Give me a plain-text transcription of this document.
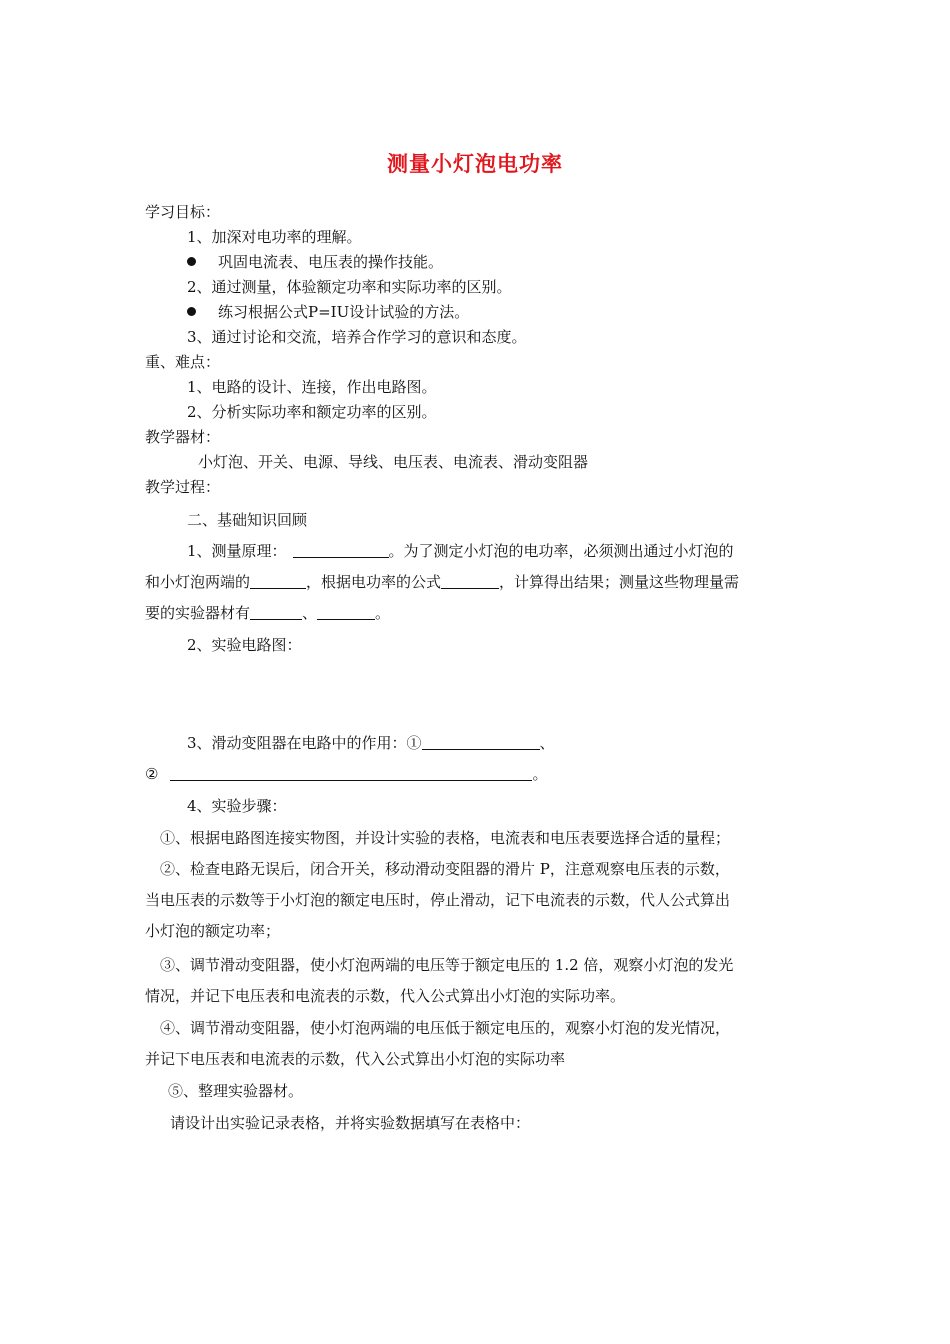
测量小灯泡电功率
学习目标：
1、加深对电功率的理解。
巩固电流表、电压表的操作技能。
2、通过测量，体验额定功率和实际功率的区别。
练习根据公式P=IU设计试验的方法。
3、通过讨论和交流，培养合作学习的意识和态度。
重、难点：
1、电路的设计、连接，作出电路图。
2、分析实际功率和额定功率的区别。
教学器材：
小灯泡、开关、电源、导线、电压表、电流表、滑动变阻器
教学过程：
二、基础知识回顾
1、测量原理：	。为了测定小灯泡的电功率，必须测出通过小灯泡的
和小灯泡两端的	，根据电功率的公式	，计算得出结果；测量这些物理量需
要的实验器材有	、	。
2、实验电路图：
3、滑动变阻器在电路中的作用：①	、
②	。
4、实验步骤：
①、根据电路图连接实物图，并设计实验的表格，电流表和电压表要选择合适的量程；
②、检查电路无误后，闭合开关，移动滑动变阻器的滑片 P，注意观察电压表的示数，
当电压表的示数等于小灯泡的额定电压时，停止滑动，记下电流表的示数，代人公式算出
小灯泡的额定功率；
③、调节滑动变阻器，使小灯泡两端的电压等于额定电压的 1.2 倍，观察小灯泡的发光
情况，并记下电压表和电流表的示数，代入公式算出小灯泡的实际功率。
④、调节滑动变阻器，使小灯泡两端的电压低于额定电压的，观察小灯泡的发光情况，
并记下电压表和电流表的示数，代入公式算出小灯泡的实际功率
⑤、整理实验器材。
请设计出实验记录表格，并将实验数据填写在表格中：
